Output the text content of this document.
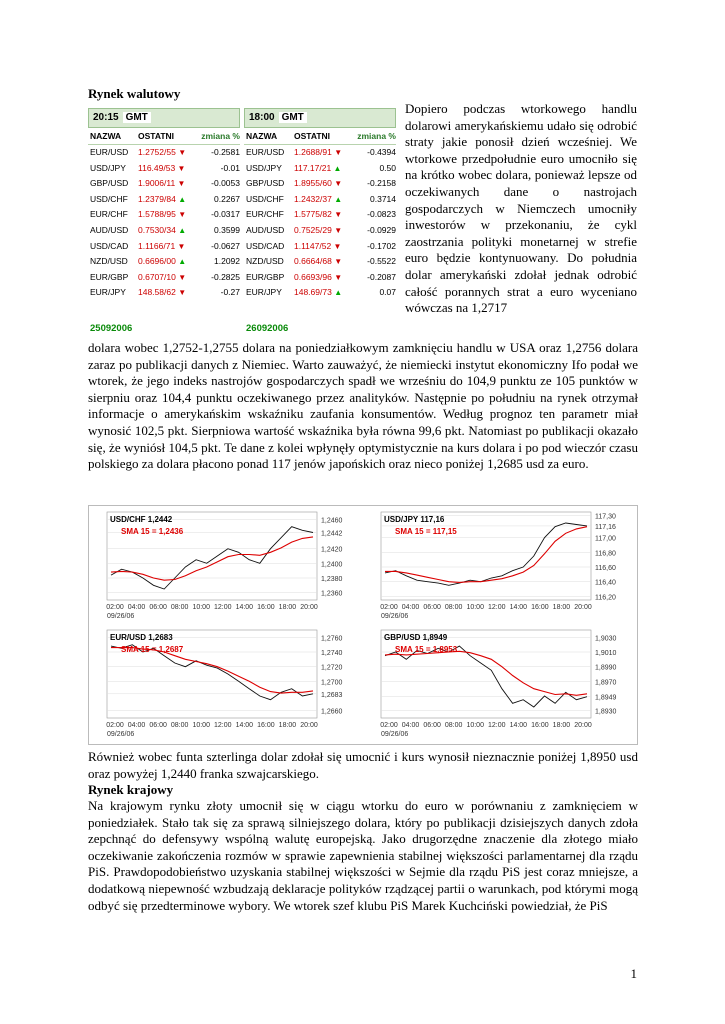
Rynek walutowy
20:15 GMT
NAZWA	OSTATNI	zmiana %
EUR/USD	1.2752/55 ▼	-0.2581
USD/JPY	116.49/53 ▼	-0.01
GBP/USD	1.9006/11 ▼	-0.0053
USD/CHF	1.2379/84 ▲	0.2267
EUR/CHF	1.5788/95 ▼	-0.0317
AUD/USD	0.7530/34 ▲	0.3599
USD/CAD	1.1166/71 ▼	-0.0627
NZD/USD	0.6696/00 ▲	1.2092
EUR/GBP	0.6707/10 ▼	-0.2825
EUR/JPY	148.58/62 ▼	-0.27
25092006
18:00 GMT
NAZWA	OSTATNI	zmiana %
EUR/USD	1.2688/91 ▼	-0.4394
USD/JPY	117.17/21 ▲	0.50
GBP/USD	1.8955/60 ▼	-0.2158
USD/CHF	1.2432/37 ▲	0.3714
EUR/CHF	1.5775/82 ▼	-0.0823
AUD/USD	0.7525/29 ▼	-0.0929
USD/CAD	1.1147/52 ▼	-0.1702
NZD/USD	0.6664/68 ▼	-0.5522
EUR/GBP	0.6693/96 ▼	-0.2087
EUR/JPY	148.69/73 ▲	0.07
26092006

Dopiero podczas wtorkowego handlu dolarowi amerykańskiemu udało się odrobić straty jakie ponosił dzień wcześniej. We wtorkowe przedpołudnie euro umocniło się na krótko wobec dolara, ponieważ lepsze od oczekiwanych dane o nastrojach gospodarczych w Niemczech umocniły inwestorów w przekonaniu, że cykl zaostrzania polityki monetarnej w strefie euro będzie kontynuowany. Do południa dolar amerykański zdołał jednak odrobić całość porannych strat a euro wyceniano wówczas na 1,2717

dolara wobec 1,2752-1,2755 dolara na poniedziałkowym zamknięciu handlu w USA oraz 1,2756 dolara zaraz po publikacji danych z Niemiec. Warto zauważyć, że niemiecki instytut ekonomiczny Ifo podał we wtorek, że jego indeks nastrojów gospodarczych spadł we wrześniu do 104,9 punktu ze 105 punktów w sierpniu oraz 104,4 punktu oczekiwanego przez analityków. Następnie po południu na rynek otrzymał informacje o amerykańskim wskaźniku zaufania konsumentów. Według prognoz ten parametr miał wynosić 102,5 pkt. Sierpniowa wartość wskaźnika była równa 99,6 pkt. Natomiast po publikacji okazało się, że wyniósł 104,5 pkt. Te dane z kolei wpłynęły optymistycznie na kurs dolara i po pod wieczór czasu polskiego za dolara płacono ponad 117 jenów japońskich oraz nieco poniżej 1,2685 usd za euro.

1,2460
1,2442
1,2420
1,2400
1,2380
1,2360
02:00 04:00 06:00 08:00 10:00 12:00 14:00 16:00 18:00 20:00
09/26/06
USD/CHF 1,2442
SMA 15 = 1,2436
117,30
117,16
117,00
116,80
116,60
116,40
116,20
02:00 04:00 06:00 08:00 10:00 12:00 14:00 16:00 18:00 20:00
09/26/06
USD/JPY 117,16
SMA 15 = 117,15
1,2760
1,2740
1,2720
1,2700
1,2683
1,2660
02:00 04:00 06:00 08:00 10:00 12:00 14:00 16:00 18:00 20:00
09/26/06
EUR/USD 1,2683
SMA 15 = 1,2687
1,9030
1,9010
1,8990
1,8970
1,8949
1,8930
02:00 04:00 06:00 08:00 10:00 12:00 14:00 16:00 18:00 20:00
09/26/06
GBP/USD 1,8949
SMA 15 = 1,8953

Również wobec funta szterlinga dolar zdołał się umocnić i kurs wynosił nieznacznie poniżej 1,8950 usd oraz powyżej 1,2440 franka szwajcarskiego.

Rynek krajowy

Na krajowym rynku złoty umocnił się w ciągu wtorku do euro w porównaniu z zamknięciem w poniedziałek. Stało tak się za sprawą silniejszego dolara, który po publikacji dzisiejszych danych zdoła zepchnąć do defensywy wspólną walutę europejską. Jako drugorzędne znaczenie dla złotego miało oczekiwanie zakończenia rozmów w sprawie zapewnienia stabilnej większości parlamentarnej dla rządu PiS. Prawdopodobieństwo uzyskania stabilnej większości w Sejmie dla rządu PiS jest coraz mniejsze, a dodatkową niepewność wzbudzają deklaracje polityków rządzącej partii o warunkach, pod którymi mogą odbyć się przedterminowe wybory. We wtorek szef klubu PiS Marek Kuchciński powiedział, że PiS

1
